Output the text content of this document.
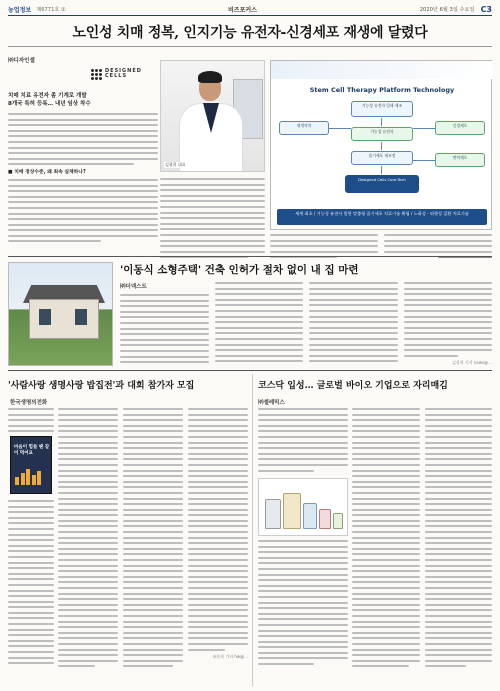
농업정보 제6771호 ①	비즈포커스	2020년 6월 3일 수요일 C3
노인성 치매 정복, 인지기능 유전자-신경세포 재생에 달렸다
㈜디자인셀
치매 치료 유전자 좀 기계로 개발
8개국 특허 등록… 내년 임상 착수
■ 치매 정상수준, 왜 최속 실체하나?
DESIGNED
CELLS
김광희 대표
Stem Cell Therapy Platform Technology
기능성 유전자 일래 재조
기능성 유전자
줄기세포 재조정
Designed Cells Core-Tech
재생의학	신경세포
면역세포
세계 최초 / 기능성 유전자 발현 맞춤형 줄기세포 치료기술 확립 / 노화성 · 퇴행성 질환 치료기술
'이동식 소형주택' 건축 인허가 절차 없이 내 집 마련
㈜더넥스트
김상희 기자 news@...
'사람사랑 생명사랑 밥집전'과 대회 참가자 모집
한국생명의전화
마음이 힘들 땐 같이 먹어요
조은희 기자 hw@...
코스닥 입성… 글로벌 바이오 기업으로 자리매김
㈜셀레믹스
